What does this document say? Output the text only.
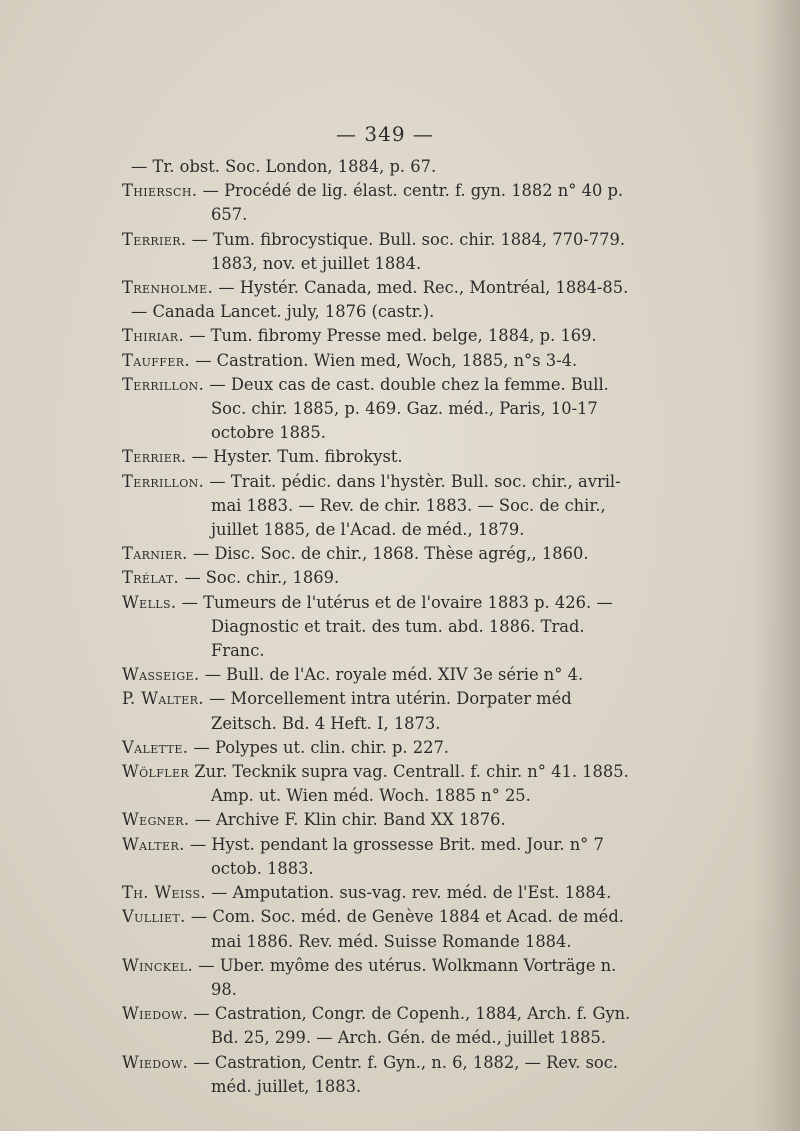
— 349 —

— Tr. obst. Soc. London, 1884, p. 67.

Thiersch. — Procédé de lig. élast. centr. f. gyn. 1882 n° 40 p. 657.

Terrier. — Tum. fibrocystique. Bull. soc. chir. 1884, 770-779. 1883, nov. et juillet 1884.

Trenholme. — Hystér. Canada, med. Rec., Montréal, 1884-85.

— Canada Lancet. july, 1876 (castr.).

Thiriar. — Tum. fibromy Presse med. belge, 1884, p. 169.

Tauffer. — Castration. Wien med, Woch, 1885, n°s 3-4.

Terrillon. — Deux cas de cast. double chez la femme. Bull. Soc. chir. 1885, p. 469. Gaz. méd., Paris, 10-17 octobre 1885.

Terrier. — Hyster. Tum. fibrokyst.

Terrillon. — Trait. pédic. dans l'hystèr. Bull. soc. chir., avril-mai 1883. — Rev. de chir. 1883. — Soc. de chir., juillet 1885, de l'Acad. de méd., 1879.

Tarnier. — Disc. Soc. de chir., 1868. Thèse agrég,, 1860.

Trélat. — Soc. chir., 1869.

Wells. — Tumeurs de l'utérus et de l'ovaire 1883 p. 426. — Diagnostic et trait. des tum. abd. 1886. Trad. Franc.

Wasseige. — Bull. de l'Ac. royale méd. XIV 3e série n° 4.

P. Walter. — Morcellement intra utérin. Dorpater méd Zeitsch. Bd. 4 Heft. I, 1873.

Valette. — Polypes ut. clin. chir. p. 227.

Wölfler Zur. Tecknik supra vag. Centrall. f. chir. n° 41. 1885. Amp. ut. Wien méd. Woch. 1885 n° 25.

Wegner. — Archive F. Klin chir. Band XX 1876.

Walter. — Hyst. pendant la grossesse Brit. med. Jour. n° 7 octob. 1883.

Th. Weiss. — Amputation. sus-vag. rev. méd. de l'Est. 1884.

Vulliet. — Com. Soc. méd. de Genève 1884 et Acad. de méd. mai 1886. Rev. méd. Suisse Romande 1884.

Winckel. — Uber. myôme des utérus. Wolkmann Vorträge n. 98.

Wiedow. — Castration, Congr. de Copenh., 1884, Arch. f. Gyn. Bd. 25, 299. — Arch. Gén. de méd., juillet 1885.

Wiedow. — Castration, Centr. f. Gyn., n. 6, 1882, — Rev. soc. méd. juillet, 1883.
